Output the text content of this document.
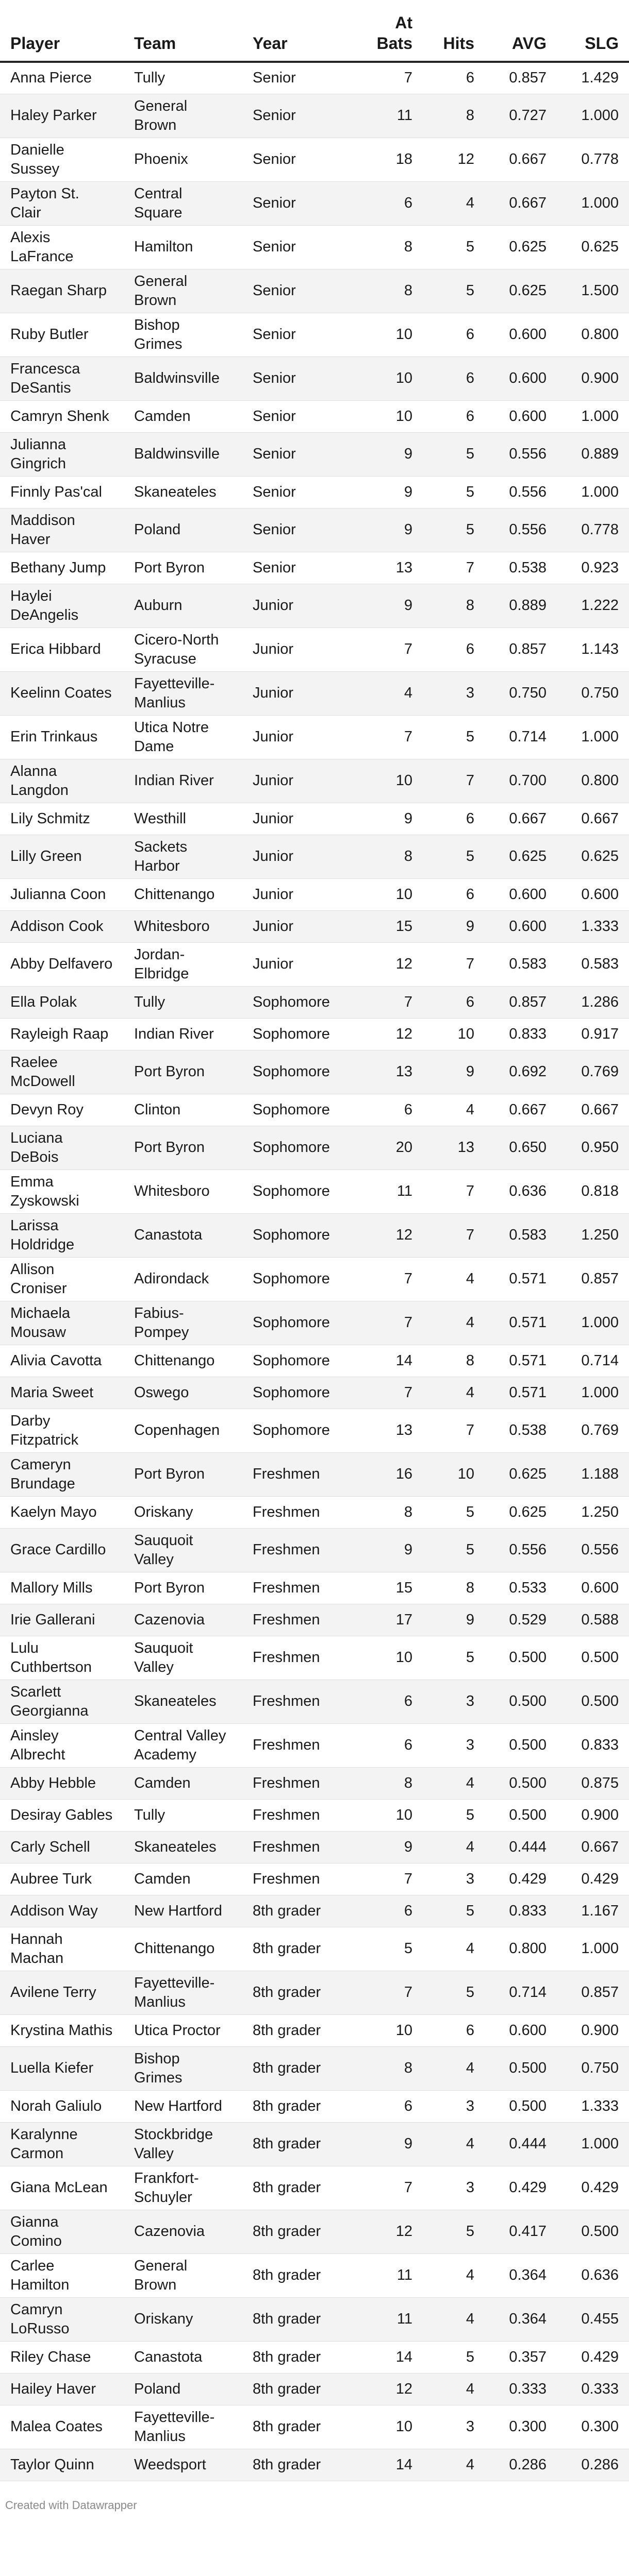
Player	Team	Year	At Bats	Hits	AVG	SLG
Anna Pierce	Tully	Senior	7	6	0.857	1.429
Haley Parker	General Brown	Senior	11	8	0.727	1.000
Danielle Sussey	Phoenix	Senior	18	12	0.667	0.778
Payton St. Clair	Central Square	Senior	6	4	0.667	1.000
Alexis LaFrance	Hamilton	Senior	8	5	0.625	0.625
Raegan Sharp	General Brown	Senior	8	5	0.625	1.500
Ruby Butler	Bishop Grimes	Senior	10	6	0.600	0.800
Francesca DeSantis	Baldwinsville	Senior	10	6	0.600	0.900
Camryn Shenk	Camden	Senior	10	6	0.600	1.000
Julianna Gingrich	Baldwinsville	Senior	9	5	0.556	0.889
Finnly Pas'cal	Skaneateles	Senior	9	5	0.556	1.000
Maddison Haver	Poland	Senior	9	5	0.556	0.778
Bethany Jump	Port Byron	Senior	13	7	0.538	0.923
Haylei DeAngelis	Auburn	Junior	9	8	0.889	1.222
Erica Hibbard	Cicero-North Syracuse	Junior	7	6	0.857	1.143
Keelinn Coates	Fayetteville-Manlius	Junior	4	3	0.750	0.750
Erin Trinkaus	Utica Notre Dame	Junior	7	5	0.714	1.000
Alanna Langdon	Indian River	Junior	10	7	0.700	0.800
Lily Schmitz	Westhill	Junior	9	6	0.667	0.667
Lilly Green	Sackets Harbor	Junior	8	5	0.625	0.625
Julianna Coon	Chittenango	Junior	10	6	0.600	0.600
Addison Cook	Whitesboro	Junior	15	9	0.600	1.333
Abby Delfavero	Jordan-Elbridge	Junior	12	7	0.583	0.583
Ella Polak	Tully	Sophomore	7	6	0.857	1.286
Rayleigh Raap	Indian River	Sophomore	12	10	0.833	0.917
Raelee McDowell	Port Byron	Sophomore	13	9	0.692	0.769
Devyn Roy	Clinton	Sophomore	6	4	0.667	0.667
Luciana DeBois	Port Byron	Sophomore	20	13	0.650	0.950
Emma Zyskowski	Whitesboro	Sophomore	11	7	0.636	0.818
Larissa Holdridge	Canastota	Sophomore	12	7	0.583	1.250
Allison Croniser	Adirondack	Sophomore	7	4	0.571	0.857
Michaela Mousaw	Fabius-Pompey	Sophomore	7	4	0.571	1.000
Alivia Cavotta	Chittenango	Sophomore	14	8	0.571	0.714
Maria Sweet	Oswego	Sophomore	7	4	0.571	1.000
Darby Fitzpatrick	Copenhagen	Sophomore	13	7	0.538	0.769
Cameryn Brundage	Port Byron	Freshmen	16	10	0.625	1.188
Kaelyn Mayo	Oriskany	Freshmen	8	5	0.625	1.250
Grace Cardillo	Sauquoit Valley	Freshmen	9	5	0.556	0.556
Mallory Mills	Port Byron	Freshmen	15	8	0.533	0.600
Irie Gallerani	Cazenovia	Freshmen	17	9	0.529	0.588
Lulu Cuthbertson	Sauquoit Valley	Freshmen	10	5	0.500	0.500
Scarlett Georgianna	Skaneateles	Freshmen	6	3	0.500	0.500
Ainsley Albrecht	Central Valley Academy	Freshmen	6	3	0.500	0.833
Abby Hebble	Camden	Freshmen	8	4	0.500	0.875
Desiray Gables	Tully	Freshmen	10	5	0.500	0.900
Carly Schell	Skaneateles	Freshmen	9	4	0.444	0.667
Aubree Turk	Camden	Freshmen	7	3	0.429	0.429
Addison Way	New Hartford	8th grader	6	5	0.833	1.167
Hannah Machan	Chittenango	8th grader	5	4	0.800	1.000
Avilene Terry	Fayetteville-Manlius	8th grader	7	5	0.714	0.857
Krystina Mathis	Utica Proctor	8th grader	10	6	0.600	0.900
Luella Kiefer	Bishop Grimes	8th grader	8	4	0.500	0.750
Norah Galiulo	New Hartford	8th grader	6	3	0.500	1.333
Karalynne Carmon	Stockbridge Valley	8th grader	9	4	0.444	1.000
Giana McLean	Frankfort-Schuyler	8th grader	7	3	0.429	0.429
Gianna Comino	Cazenovia	8th grader	12	5	0.417	0.500
Carlee Hamilton	General Brown	8th grader	11	4	0.364	0.636
Camryn LoRusso	Oriskany	8th grader	11	4	0.364	0.455
Riley Chase	Canastota	8th grader	14	5	0.357	0.429
Hailey Haver	Poland	8th grader	12	4	0.333	0.333
Malea Coates	Fayetteville-Manlius	8th grader	10	3	0.300	0.300
Taylor Quinn	Weedsport	8th grader	14	4	0.286	0.286
Created with Datawrapper
